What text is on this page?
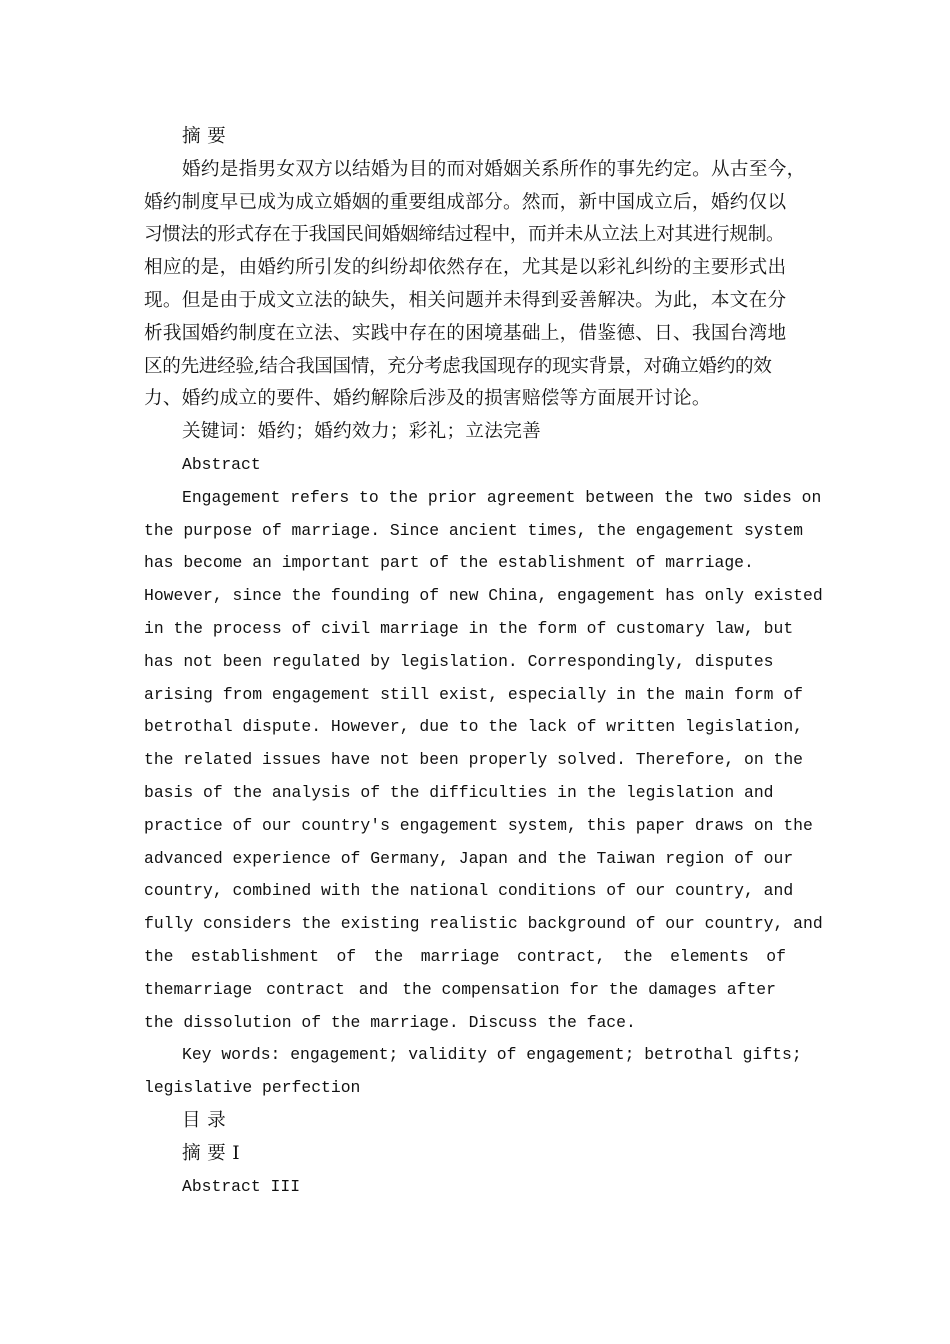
摘 要
婚约是指男女双方以结婚为目的而对婚姻关系所作的事先约定。从古至今，
婚约制度早已成为成立婚姻的重要组成部分。然而，新中国成立后，婚约仅以
习惯法的形式存在于我国民间婚姻缔结过程中，而并未从立法上对其进行规制。
相应的是，由婚约所引发的纠纷却依然存在，尤其是以彩礼纠纷的主要形式出
现。但是由于成文立法的缺失，相关问题并未得到妥善解决。为此，本文在分
析我国婚约制度在立法、实践中存在的困境基础上，借鉴德、日、我国台湾地
区的先进经验,结合我国国情，充分考虑我国现存的现实背景，对确立婚约的效
力、婚约成立的要件、婚约解除后涉及的损害赔偿等方面展开讨论。
关键词：婚约；婚约效力；彩礼；立法完善
Abstract
Engagement refers to the prior agreement between the two sides on
the purpose of marriage. Since ancient times, the engagement system
has become an important part of the establishment of marriage.
However, since the founding of new China, engagement has only existed
in the process of civil marriage in the form of customary law, but
has not been regulated by legislation. Correspondingly, disputes
arising from engagement still exist, especially in the main form of
betrothal dispute. However, due to the lack of written legislation,
the related issues have not been properly solved. Therefore, on the
basis of the analysis of the difficulties in the legislation and
practice of our country's engagement system, this paper draws on the
advanced experience of Germany, Japan and the Taiwan region of our
country, combined with the national conditions of our country, and
fully considers the existing realistic background of our country, and
the establishment of the marriage contract, the elements of
themarriage contract and the compensation for the damages after
the dissolution of the marriage. Discuss the face.
Key words: engagement; validity of engagement; betrothal gifts;
legislative perfection
目 录
摘 要 I
Abstract III
